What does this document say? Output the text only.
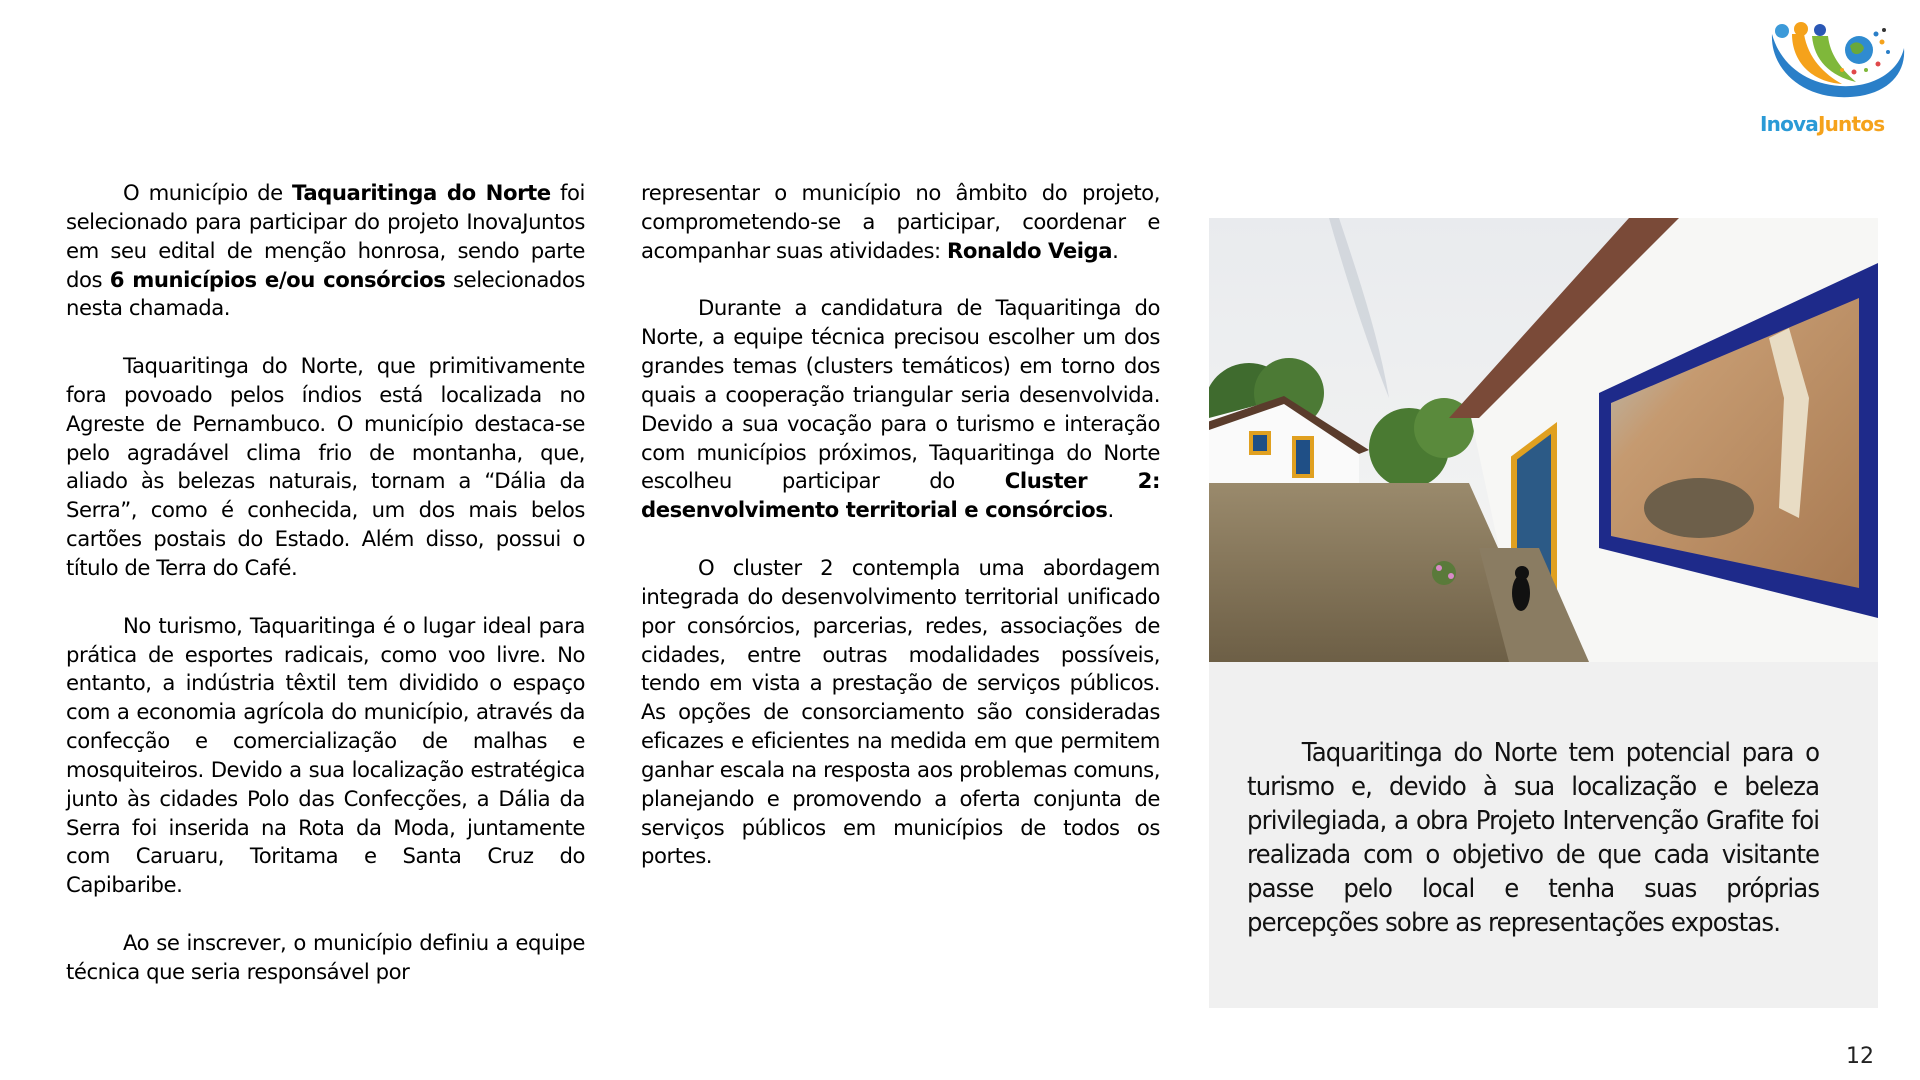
InovaJuntos

O município de Taquaritinga do Norte foi selecionado para participar do projeto InovaJuntos em seu edital de menção honrosa, sendo parte dos 6 municípios e/ou consórcios selecionados nesta chamada.

Taquaritinga do Norte, que primitivamente fora povoado pelos índios está localizada no Agreste de Pernambuco. O município destaca-se pelo agradável clima frio de montanha, que, aliado às belezas naturais, tornam a “Dália da Serra”, como é conhecida, um dos mais belos cartões postais do Estado. Além disso, possui o título de Terra do Café.

No turismo, Taquaritinga é o lugar ideal para prática de esportes radicais, como voo livre. No entanto, a indústria têxtil tem dividido o espaço com a economia agrícola do município, através da confecção e comercialização de malhas e mosquiteiros. Devido a sua localização estratégica junto às cidades Polo das Confecções, a Dália da Serra foi inserida na Rota da Moda, juntamente com Caruaru, Toritama e Santa Cruz do Capibaribe.

Ao se inscrever, o município definiu a equipe técnica que seria responsável por

representar o município no âmbito do projeto, comprometendo-se a participar, coordenar e acompanhar suas atividades: Ronaldo Veiga.

Durante a candidatura de Taquaritinga do Norte, a equipe técnica precisou escolher um dos grandes temas (clusters temáticos) em torno dos quais a cooperação triangular seria desenvolvida. Devido a sua vocação para o turismo e interação com municípios próximos, Taquaritinga do Norte escolheu participar do Cluster 2: desenvolvimento territorial e consórcios.

O cluster 2 contempla uma abordagem integrada do desenvolvimento territorial unificado por consórcios, parcerias, redes, associações de cidades, entre outras modalidades possíveis, tendo em vista a prestação de serviços públicos. As opções de consorciamento são consideradas eficazes e eficientes na medida em que permitem ganhar escala na resposta aos problemas comuns, planejando e promovendo a oferta conjunta de serviços públicos em municípios de todos os portes.

Taquaritinga do Norte tem potencial para o turismo e, devido à sua localização e beleza privilegiada, a obra Projeto Intervenção Grafite foi realizada com o objetivo de que cada visitante passe pelo local e tenha suas próprias percepções sobre as representações expostas.

12
